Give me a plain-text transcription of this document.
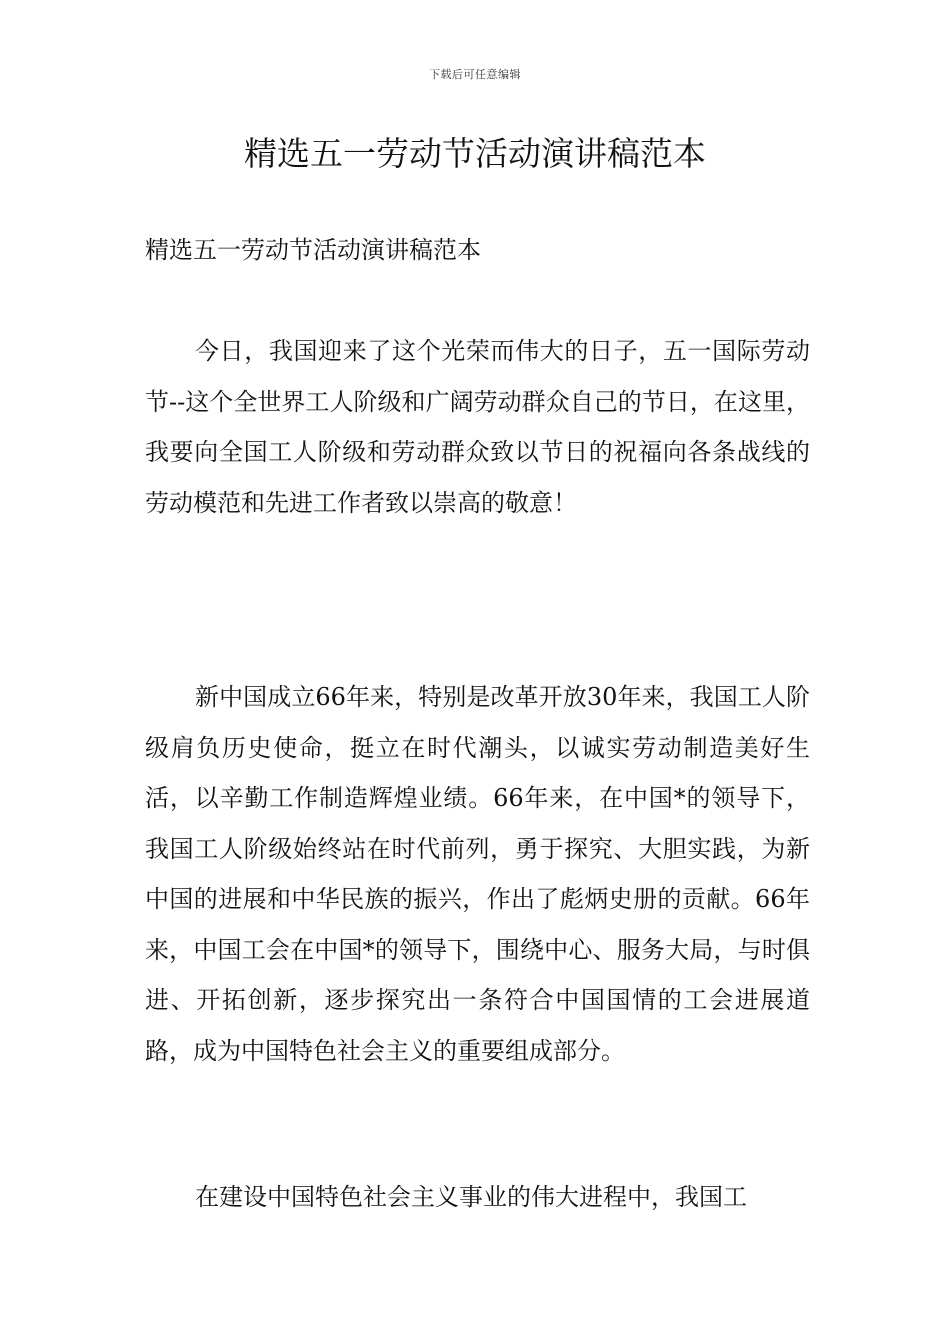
下载后可任意编辑
精选五一劳动节活动演讲稿范本

精选五一劳动节活动演讲稿范本

今日，我国迎来了这个光荣而伟大的日子，五一国际劳动节--这个全世界工人阶级和广阔劳动群众自己的节日，在这里，我要向全国工人阶级和劳动群众致以节日的祝福向各条战线的劳动模范和先进工作者致以崇高的敬意！

新中国成立66年来，特别是改革开放30年来，我国工人阶级肩负历史使命，挺立在时代潮头，以诚实劳动制造美好生活，以辛勤工作制造辉煌业绩。66年来，在中国*的领导下，我国工人阶级始终站在时代前列，勇于探究、大胆实践，为新中国的进展和中华民族的振兴，作出了彪炳史册的贡献。66年来，中国工会在中国*的领导下，围绕中心、服务大局，与时俱进、开拓创新，逐步探究出一条符合中国国情的工会进展道路，成为中国特色社会主义的重要组成部分。

在建设中国特色社会主义事业的伟大进程中，我国工
